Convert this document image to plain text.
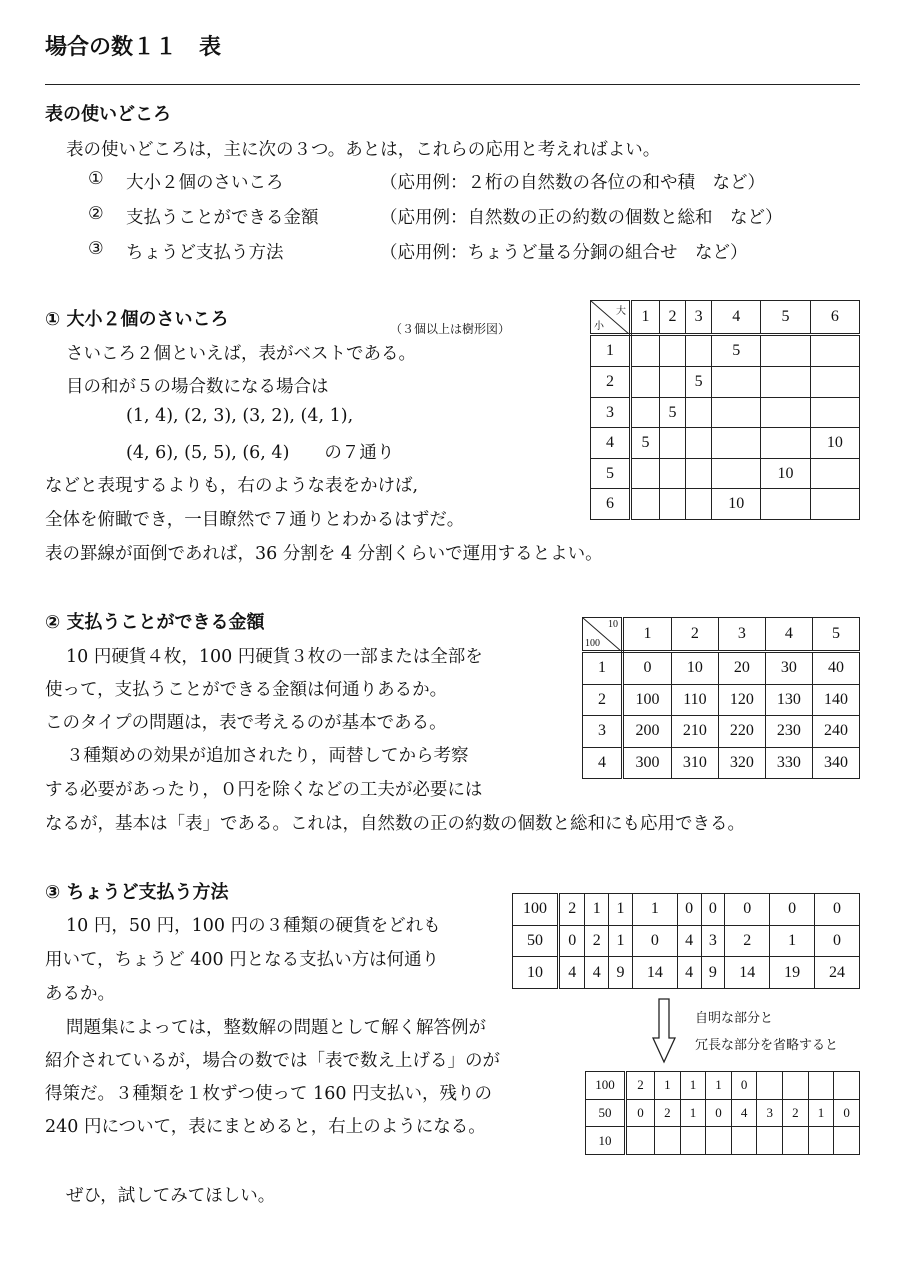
場合の数１１　表
表の使いどころ
表の使いどころは，主に次の３つ。あとは，これらの応用と考えればよい。
① 大小２個のさいころ	（応用例：２桁の自然数の各位の和や積　など）
② 支払うことができる金額	（応用例：自然数の正の約数の個数と総和　など）
③ ちょうど支払う方法	（応用例：ちょうど量る分銅の組合せ　など）
① 大小２個のさいころ	（３個以上は樹形図）
さいころ２個といえば，表がベストである。
目の和が５の場合数になる場合は
(1, 4), (2, 3), (3, 2), (4, 1),
(4, 6), (5, 5), (6, 4)　　の７通り
などと表現するよりも，右のような表をかけば,
全体を俯瞰でき，一目瞭然で７通りとわかるはずだ。
表の罫線が面倒であれば，36 分割を 4 分割くらいで運用するとよい。
大
小	1	2	3	4	5	6
1				5		
2			5			
3		5				
4	5					10
5					10	
6				10		
② 支払うことができる金額
10 円硬貨４枚，100 円硬貨３枚の一部または全部を
使って，支払うことができる金額は何通りあるか。
このタイプの問題は，表で考えるのが基本である。
３種類めの効果が追加されたり，両替してから考察
する必要があったり，０円を除くなどの工夫が必要には
なるが，基本は「表」である。これは，自然数の正の約数の個数と総和にも応用できる。
10
100	1	2	3	4	5
1	0	10	20	30	40
2	100	110	120	130	140
3	200	210	220	230	240
4	300	310	320	330	340
③ ちょうど支払う方法
10 円，50 円，100 円の３種類の硬貨をどれも
用いて，ちょうど 400 円となる支払い方は何通り
あるか。
問題集によっては，整数解の問題として解く解答例が
紹介されているが，場合の数では「表で数え上げる」のが
得策だ。３種類を１枚ずつ使って 160 円支払い，残りの
240 円について，表にまとめると，右上のようになる。
ぜひ，試してみてほしい。
100	2	1	1	1	0	0	0	0	0
50	0	2	1	0	4	3	2	1	0
10	4	4	9	14	4	9	14	19	24
自明な部分と
冗長な部分を省略すると
100	2	1	1	1	0				
50	0	2	1	0	4	3	2	1	0
10									
